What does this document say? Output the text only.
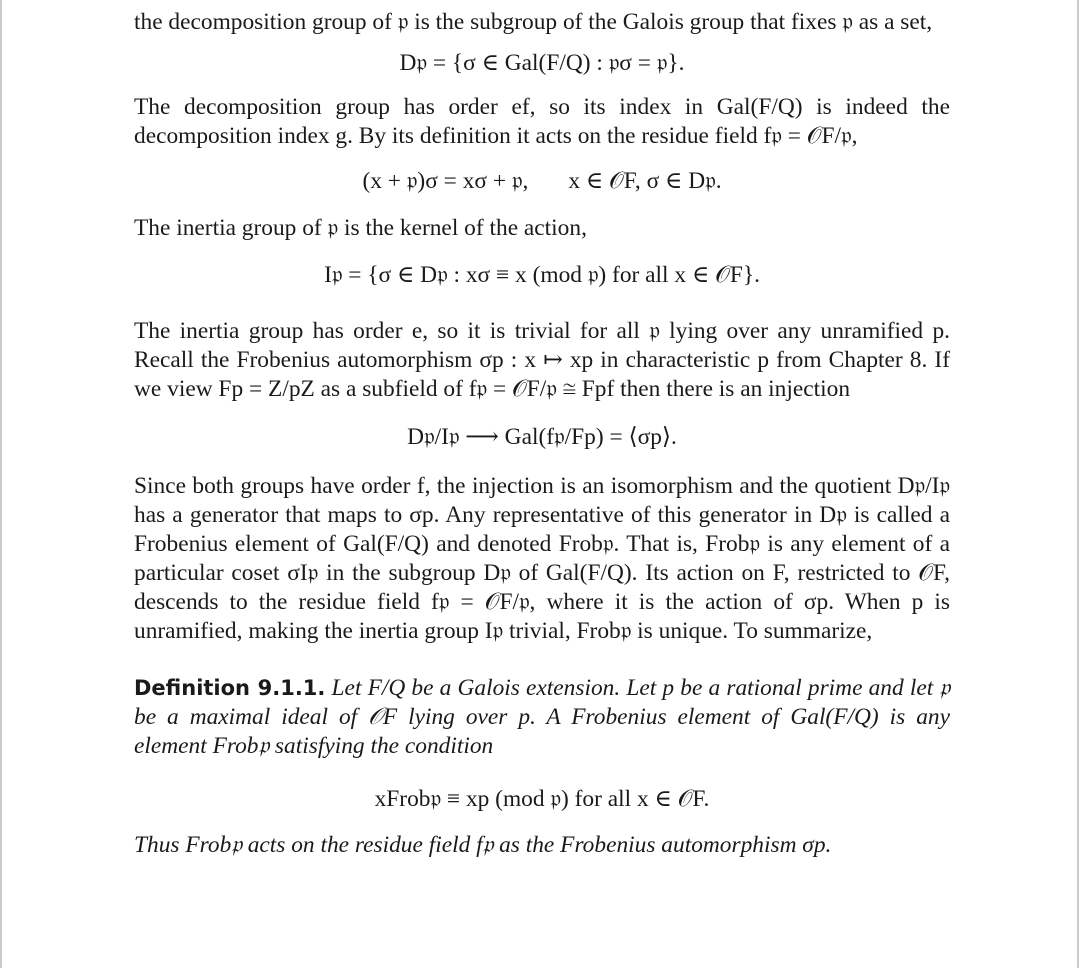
the decomposition group of 𝔭 is the subgroup of the Galois group that fixes 𝔭 as a set,

D𝔭 = {σ ∈ Gal(F/Q) : 𝔭σ = 𝔭}.

The decomposition group has order ef, so its index in Gal(F/Q) is indeed the decomposition index g. By its definition it acts on the residue field f𝔭 = 𝒪F/𝔭,

(x + 𝔭)σ = xσ + 𝔭, x ∈ 𝒪F, σ ∈ D𝔭.

The inertia group of 𝔭 is the kernel of the action,

I𝔭 = {σ ∈ D𝔭 : xσ ≡ x (mod 𝔭) for all x ∈ 𝒪F}.

The inertia group has order e, so it is trivial for all 𝔭 lying over any unramified p. Recall the Frobenius automorphism σp : x ↦ xp in characteristic p from Chapter 8. If we view Fp = Z/pZ as a subfield of f𝔭 = 𝒪F/𝔭 ≅ Fpf then there is an injection

D𝔭/I𝔭 ⟶ Gal(f𝔭/Fp) = ⟨σp⟩.

Since both groups have order f, the injection is an isomorphism and the quotient D𝔭/I𝔭 has a generator that maps to σp. Any representative of this generator in D𝔭 is called a Frobenius element of Gal(F/Q) and denoted Frob𝔭. That is, Frob𝔭 is any element of a particular coset σI𝔭 in the subgroup D𝔭 of Gal(F/Q). Its action on F, restricted to 𝒪F, descends to the residue field f𝔭 = 𝒪F/𝔭, where it is the action of σp. When p is unramified, making the inertia group I𝔭 trivial, Frob𝔭 is unique. To summarize,

Definition 9.1.1. Let F/Q be a Galois extension. Let p be a rational prime and let 𝔭 be a maximal ideal of 𝒪F lying over p. A Frobenius element of Gal(F/Q) is any element Frob𝔭 satisfying the condition

xFrob𝔭 ≡ xp (mod 𝔭) for all x ∈ 𝒪F.

Thus Frob𝔭 acts on the residue field f𝔭 as the Frobenius automorphism σp.
